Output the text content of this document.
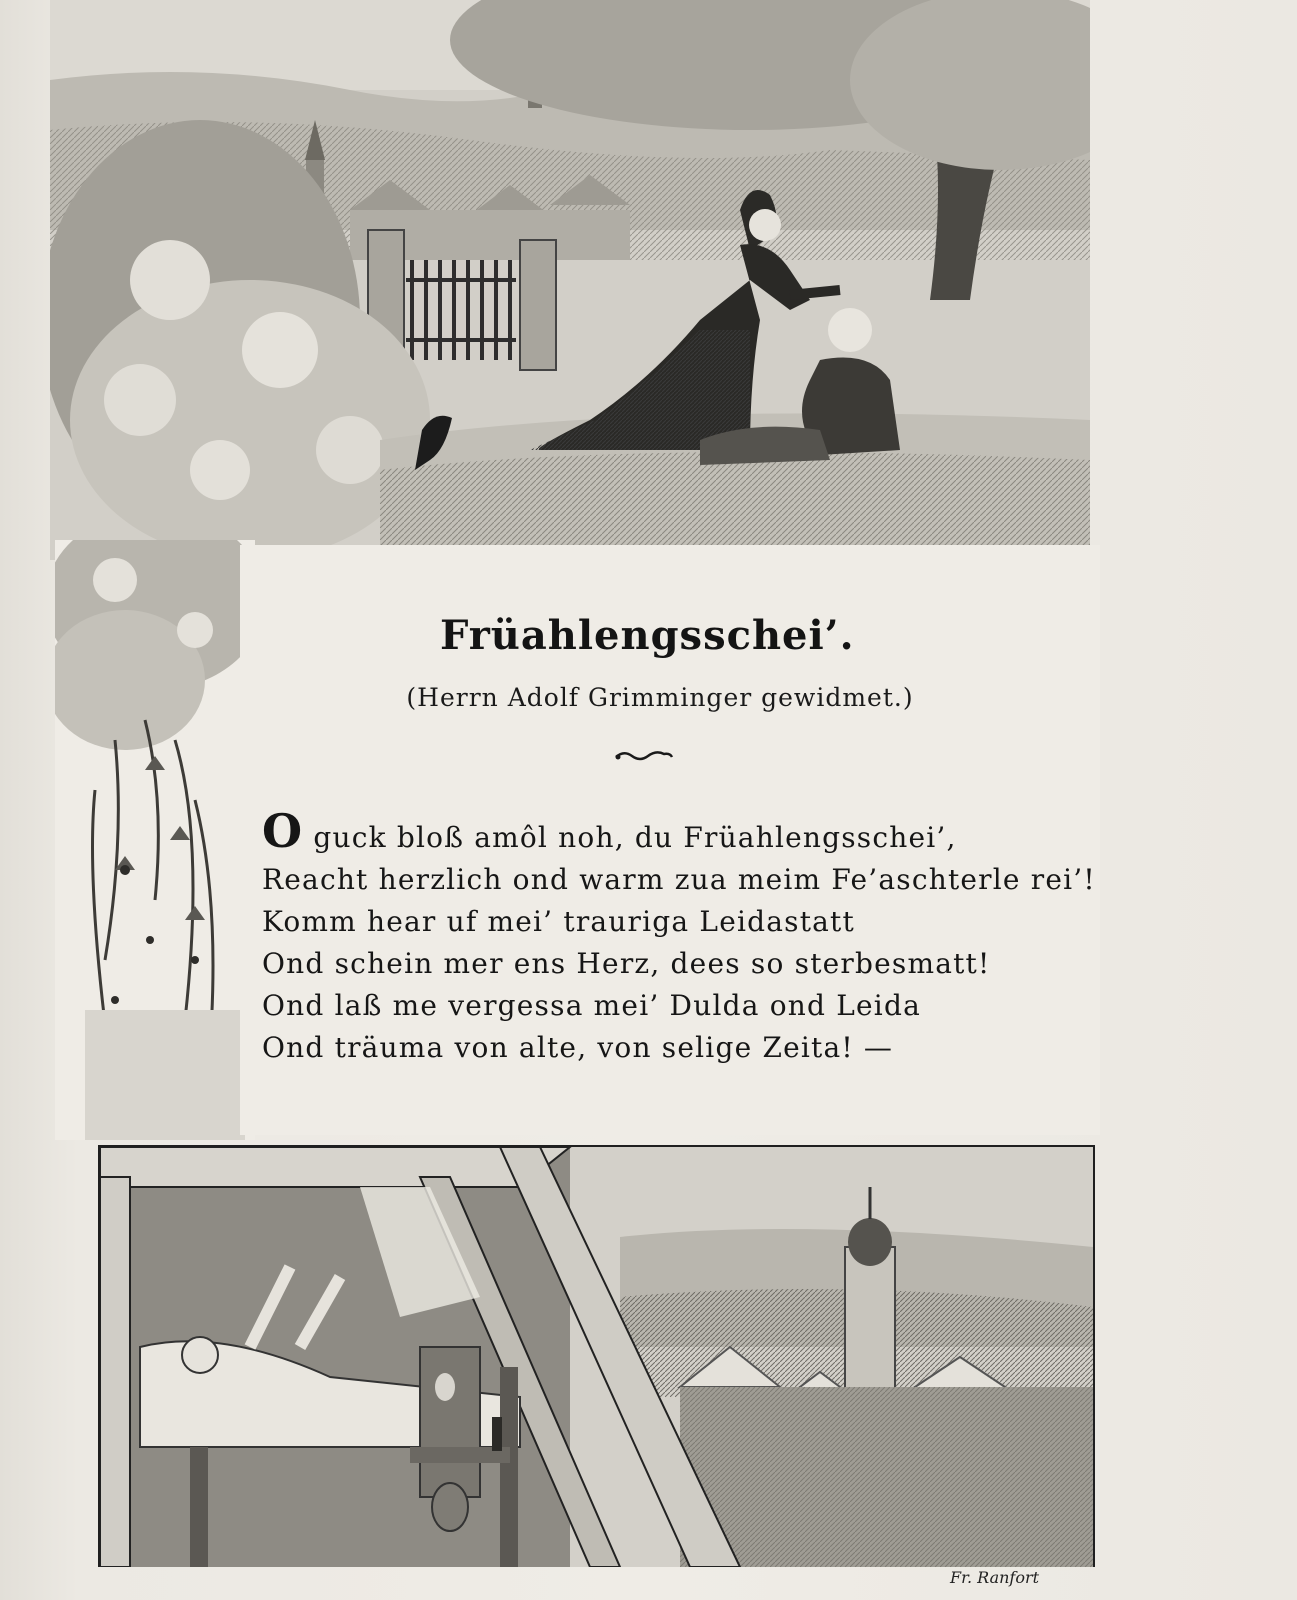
Früahlengsschei’.
(Herrn Adolf Grimminger gewidmet.)
O guck bloß amôl noh, du Früahlengsschei’,
Reacht herzlich ond warm zua meim Fe’aschterle rei’!
Komm hear uf mei’ trauriga Leidastatt
Ond schein mer ens Herz, dees so sterbesmatt!
Ond laß me vergessa mei’ Dulda ond Leida
Ond träuma von alte, von selige Zeita! —
Fr. Ranfort
